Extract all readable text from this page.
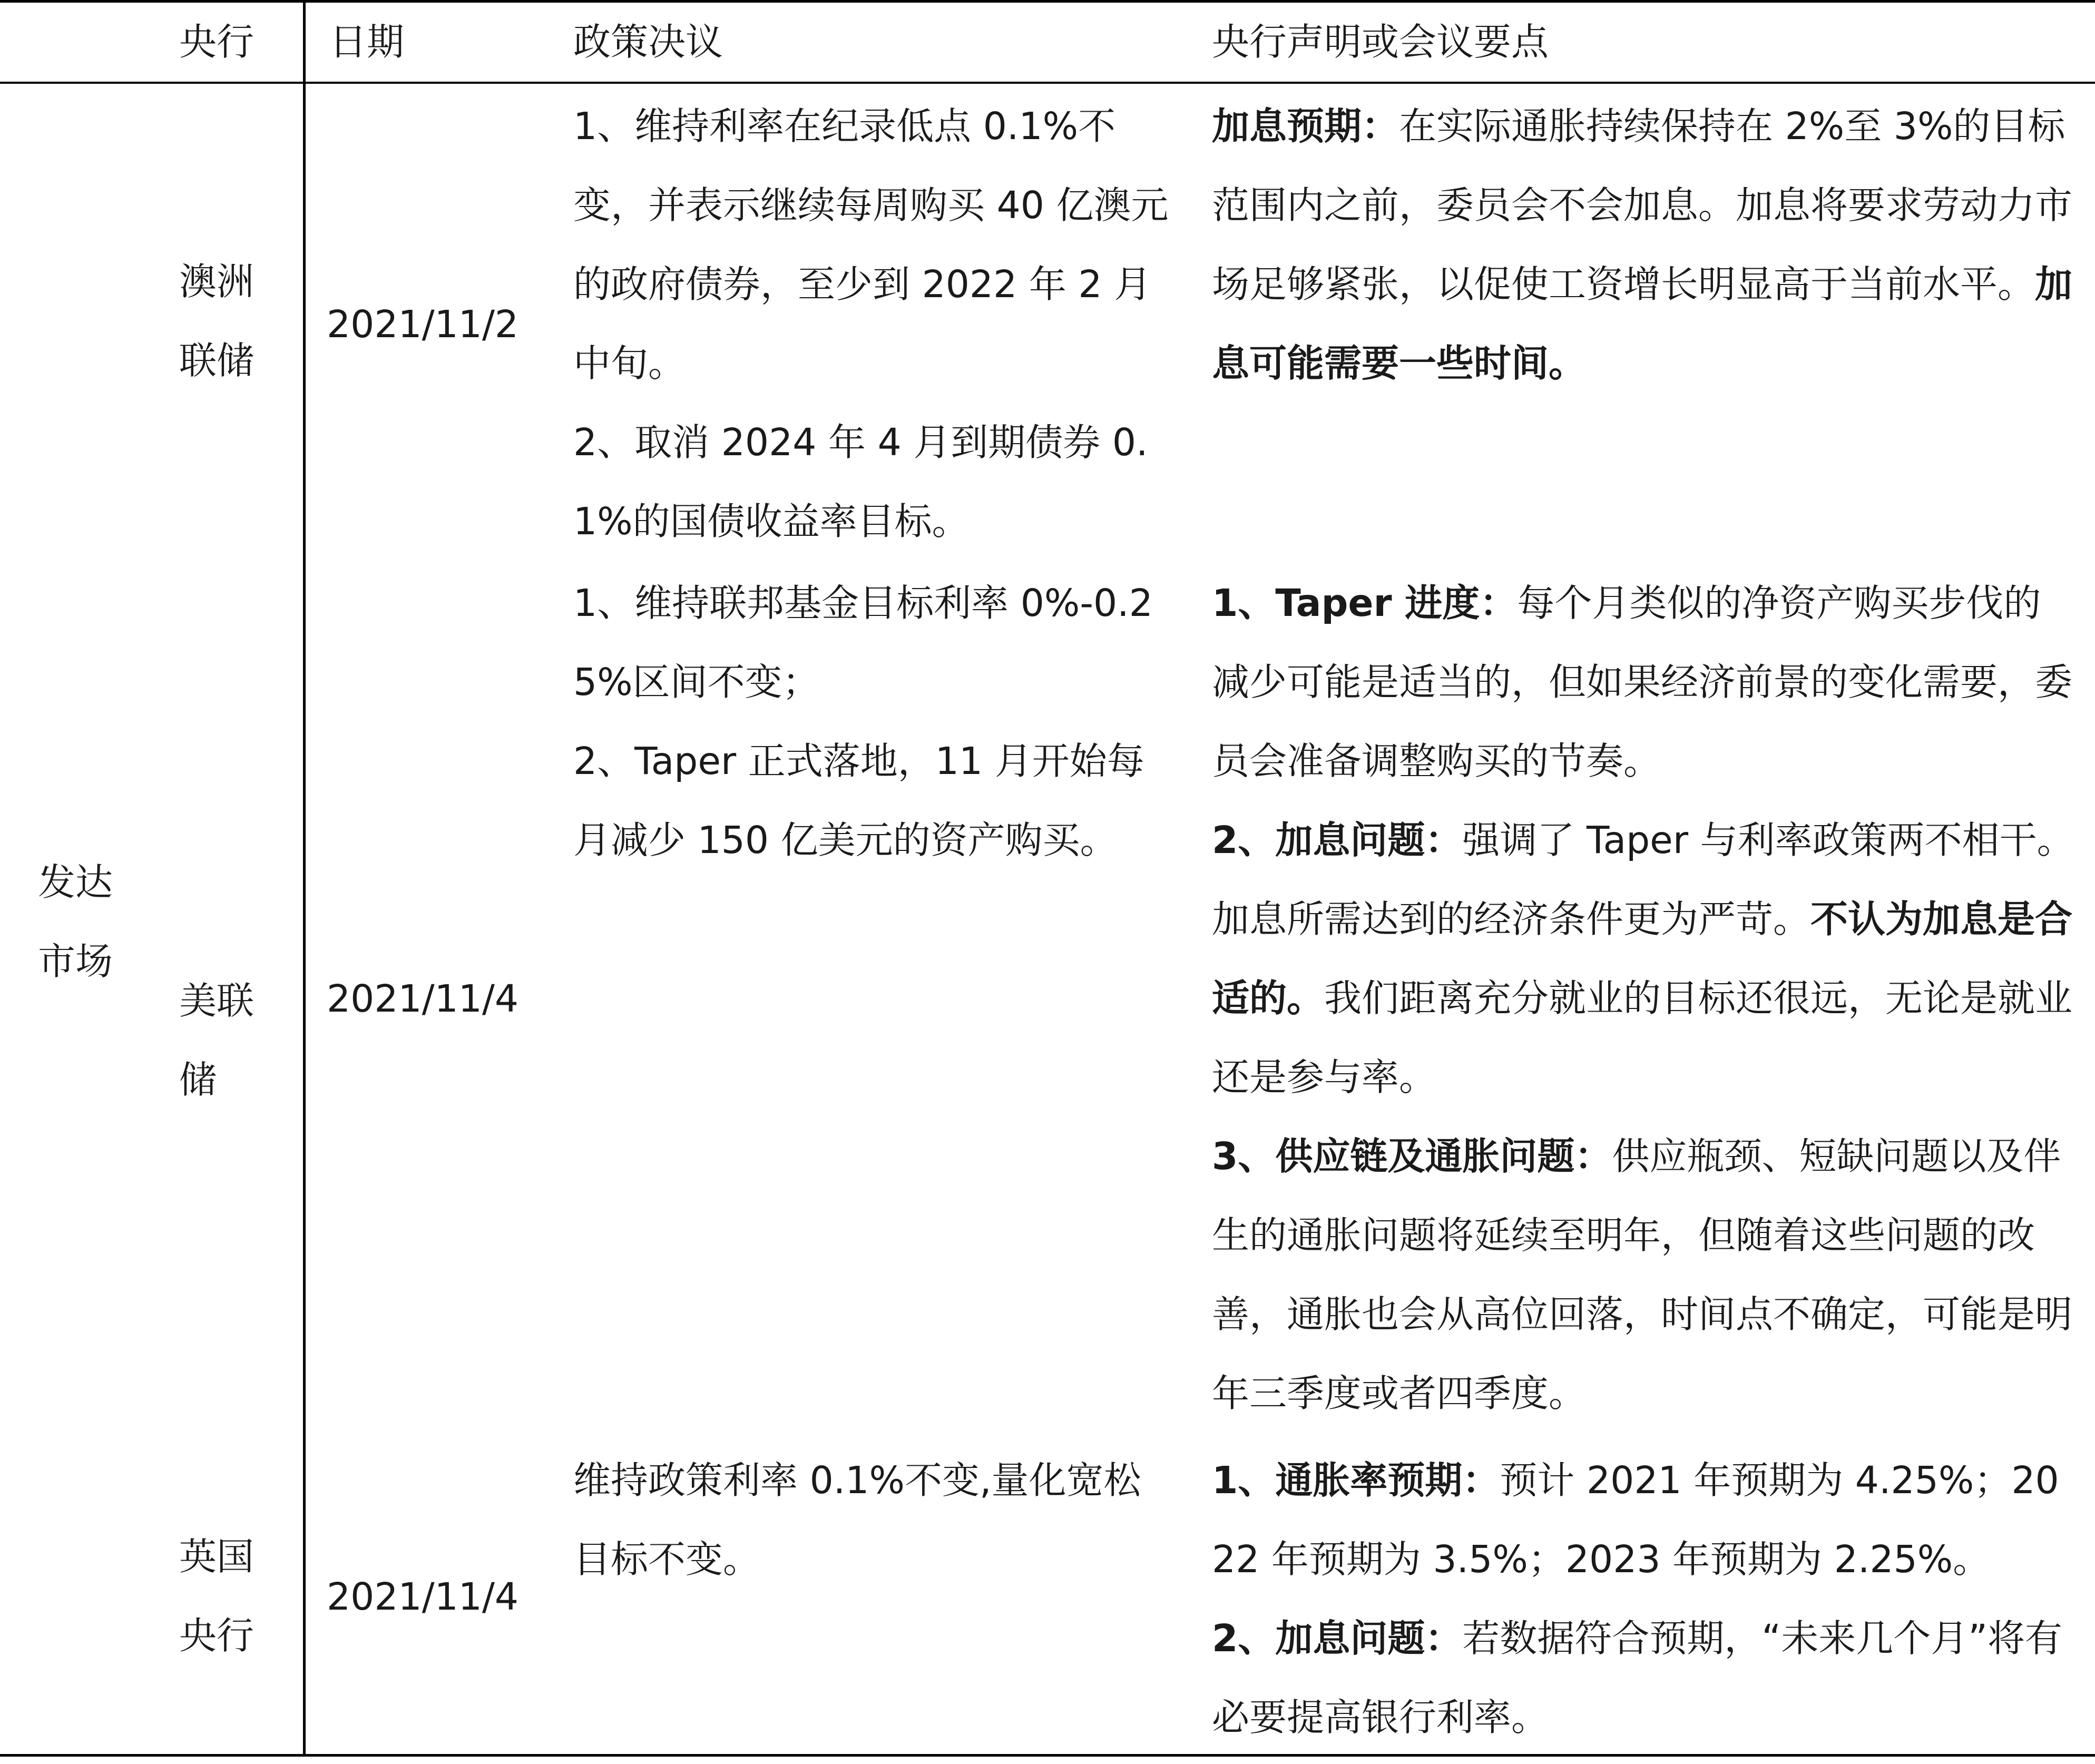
央行 日期	政策决议	央行声明或会议要点
发达
市场
澳洲
联储
2021/11/2

1、维持利率在纪录低点 0.1%不变，并表示继续每周购买 40 亿澳元的政府债券，至少到 2022 年 2 月中旬。

2、取消 2024 年 4 月到期债券 0.1%的国债收益率目标。

加息预期：在实际通胀持续保持在 2%至 3%的目标范围内之前，委员会不会加息。加息将要求劳动力市场足够紧张，以促使工资增长明显高于当前水平。加息可能需要一些时间。

美联
储
2021/11/4

1、维持联邦基金目标利率 0%-0.25%区间不变；

2、Taper 正式落地，11 月开始每月减少 150 亿美元的资产购买。

1、Taper 进度：每个月类似的净资产购买步伐的减少可能是适当的，但如果经济前景的变化需要，委员会准备调整购买的节奏。

2、加息问题：强调了 Taper 与利率政策两不相干。加息所需达到的经济条件更为严苛。不认为加息是合适的。我们距离充分就业的目标还很远，无论是就业还是参与率。

3、供应链及通胀问题：供应瓶颈、短缺问题以及伴生的通胀问题将延续至明年，但随着这些问题的改善，通胀也会从高位回落，时间点不确定，可能是明年三季度或者四季度。

英国
央行
2021/11/4

维持政策利率 0.1%不变,量化宽松目标不变。

1、通胀率预期：预计 2021 年预期为 4.25%；2022 年预期为 3.5%；2023 年预期为 2.25%。

2、加息问题：若数据符合预期，“未来几个月”将有必要提高银行利率。
